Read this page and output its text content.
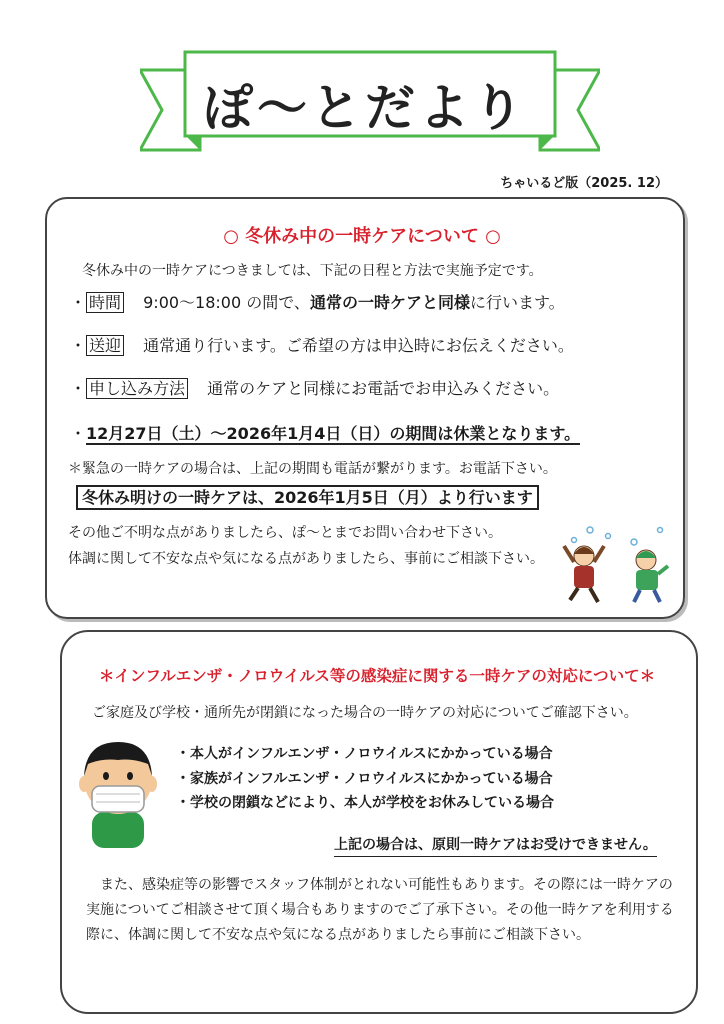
ぽ〜とだより
ちゃいるど版（2025. 12）
○ 冬休み中の一時ケアについて ○
冬休み中の一時ケアにつきましては、下記の日程と方法で実施予定です。
・ 時間 9:00〜18:00 の間で、通常の一時ケアと同様に行います。
・ 送迎 通常通り行います。ご希望の方は申込時にお伝えください。
・ 申し込み方法 通常のケアと同様にお電話でお申込みください。
・12月27日（土）〜2026年1月4日（日）の期間は休業となります。
＊緊急の一時ケアの場合は、上記の期間も電話が繋がります。お電話下さい。
冬休み明けの一時ケアは、2026年1月5日（月）より行います
その他ご不明な点がありましたら、ぽ〜とまでお問い合わせ下さい。
体調に関して不安な点や気になる点がありましたら、事前にご相談下さい。
＊インフルエンザ・ノロウイルス等の感染症に関する一時ケアの対応について＊
ご家庭及び学校・通所先が閉鎖になった場合の一時ケアの対応についてご確認下さい。
・本人がインフルエンザ・ノロウイルスにかかっている場合
・家族がインフルエンザ・ノロウイルスにかかっている場合
・学校の閉鎖などにより、本人が学校をお休みしている場合
上記の場合は、原則一時ケアはお受けできません。
また、感染症等の影響でスタッフ体制がとれない可能性もあります。その際には一時ケアの実施についてご相談させて頂く場合もありますのでご了承下さい。その他一時ケアを利用する際に、体調に関して不安な点や気になる点がありましたら事前にご相談下さい。
